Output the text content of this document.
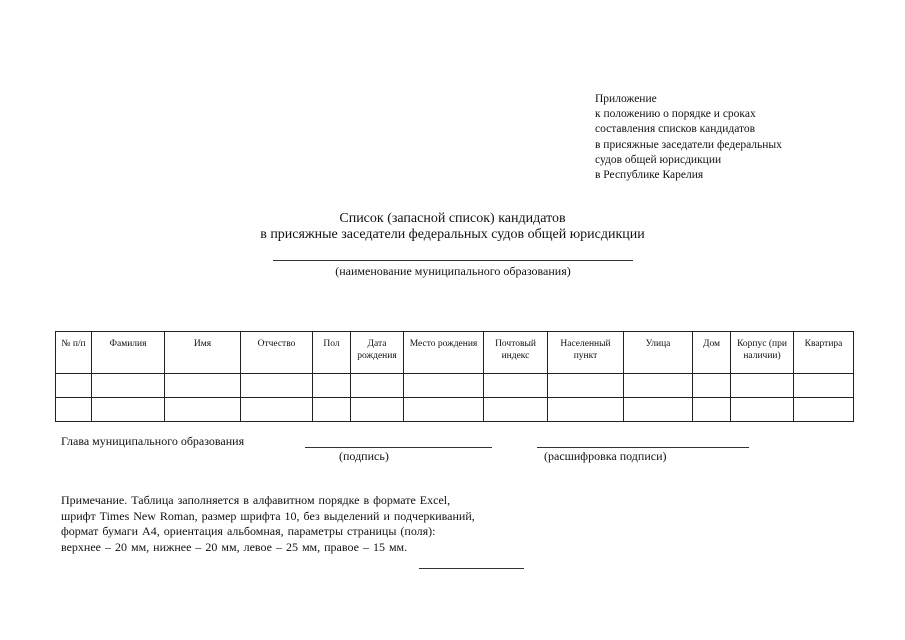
Приложение
к положению о порядке и сроках
составления списков кандидатов
в присяжные заседатели федеральных
судов общей юрисдикции
в Республике Карелия
Список (запасной список) кандидатов
в присяжные заседатели федеральных судов общей юрисдикции
(наименование муниципального образования)
№ п/п	Фамилия	Имя	Отчество	Пол	Дата рождения	Место рождения	Почтовый индекс	Населенный пункт	Улица	Дом	Корпус (при наличии)	Квартира

Глава муниципального образования
(подпись)	(расшифровка подписи)
Примечание. Таблица заполняется в алфавитном порядке в формате Excel,
шрифт Times New Roman, размер шрифта 10, без выделений и подчеркиваний,
формат бумаги А4, ориентация альбомная, параметры страницы (поля):
верхнее – 20 мм, нижнее – 20 мм, левое – 25 мм, правое – 15 мм.
